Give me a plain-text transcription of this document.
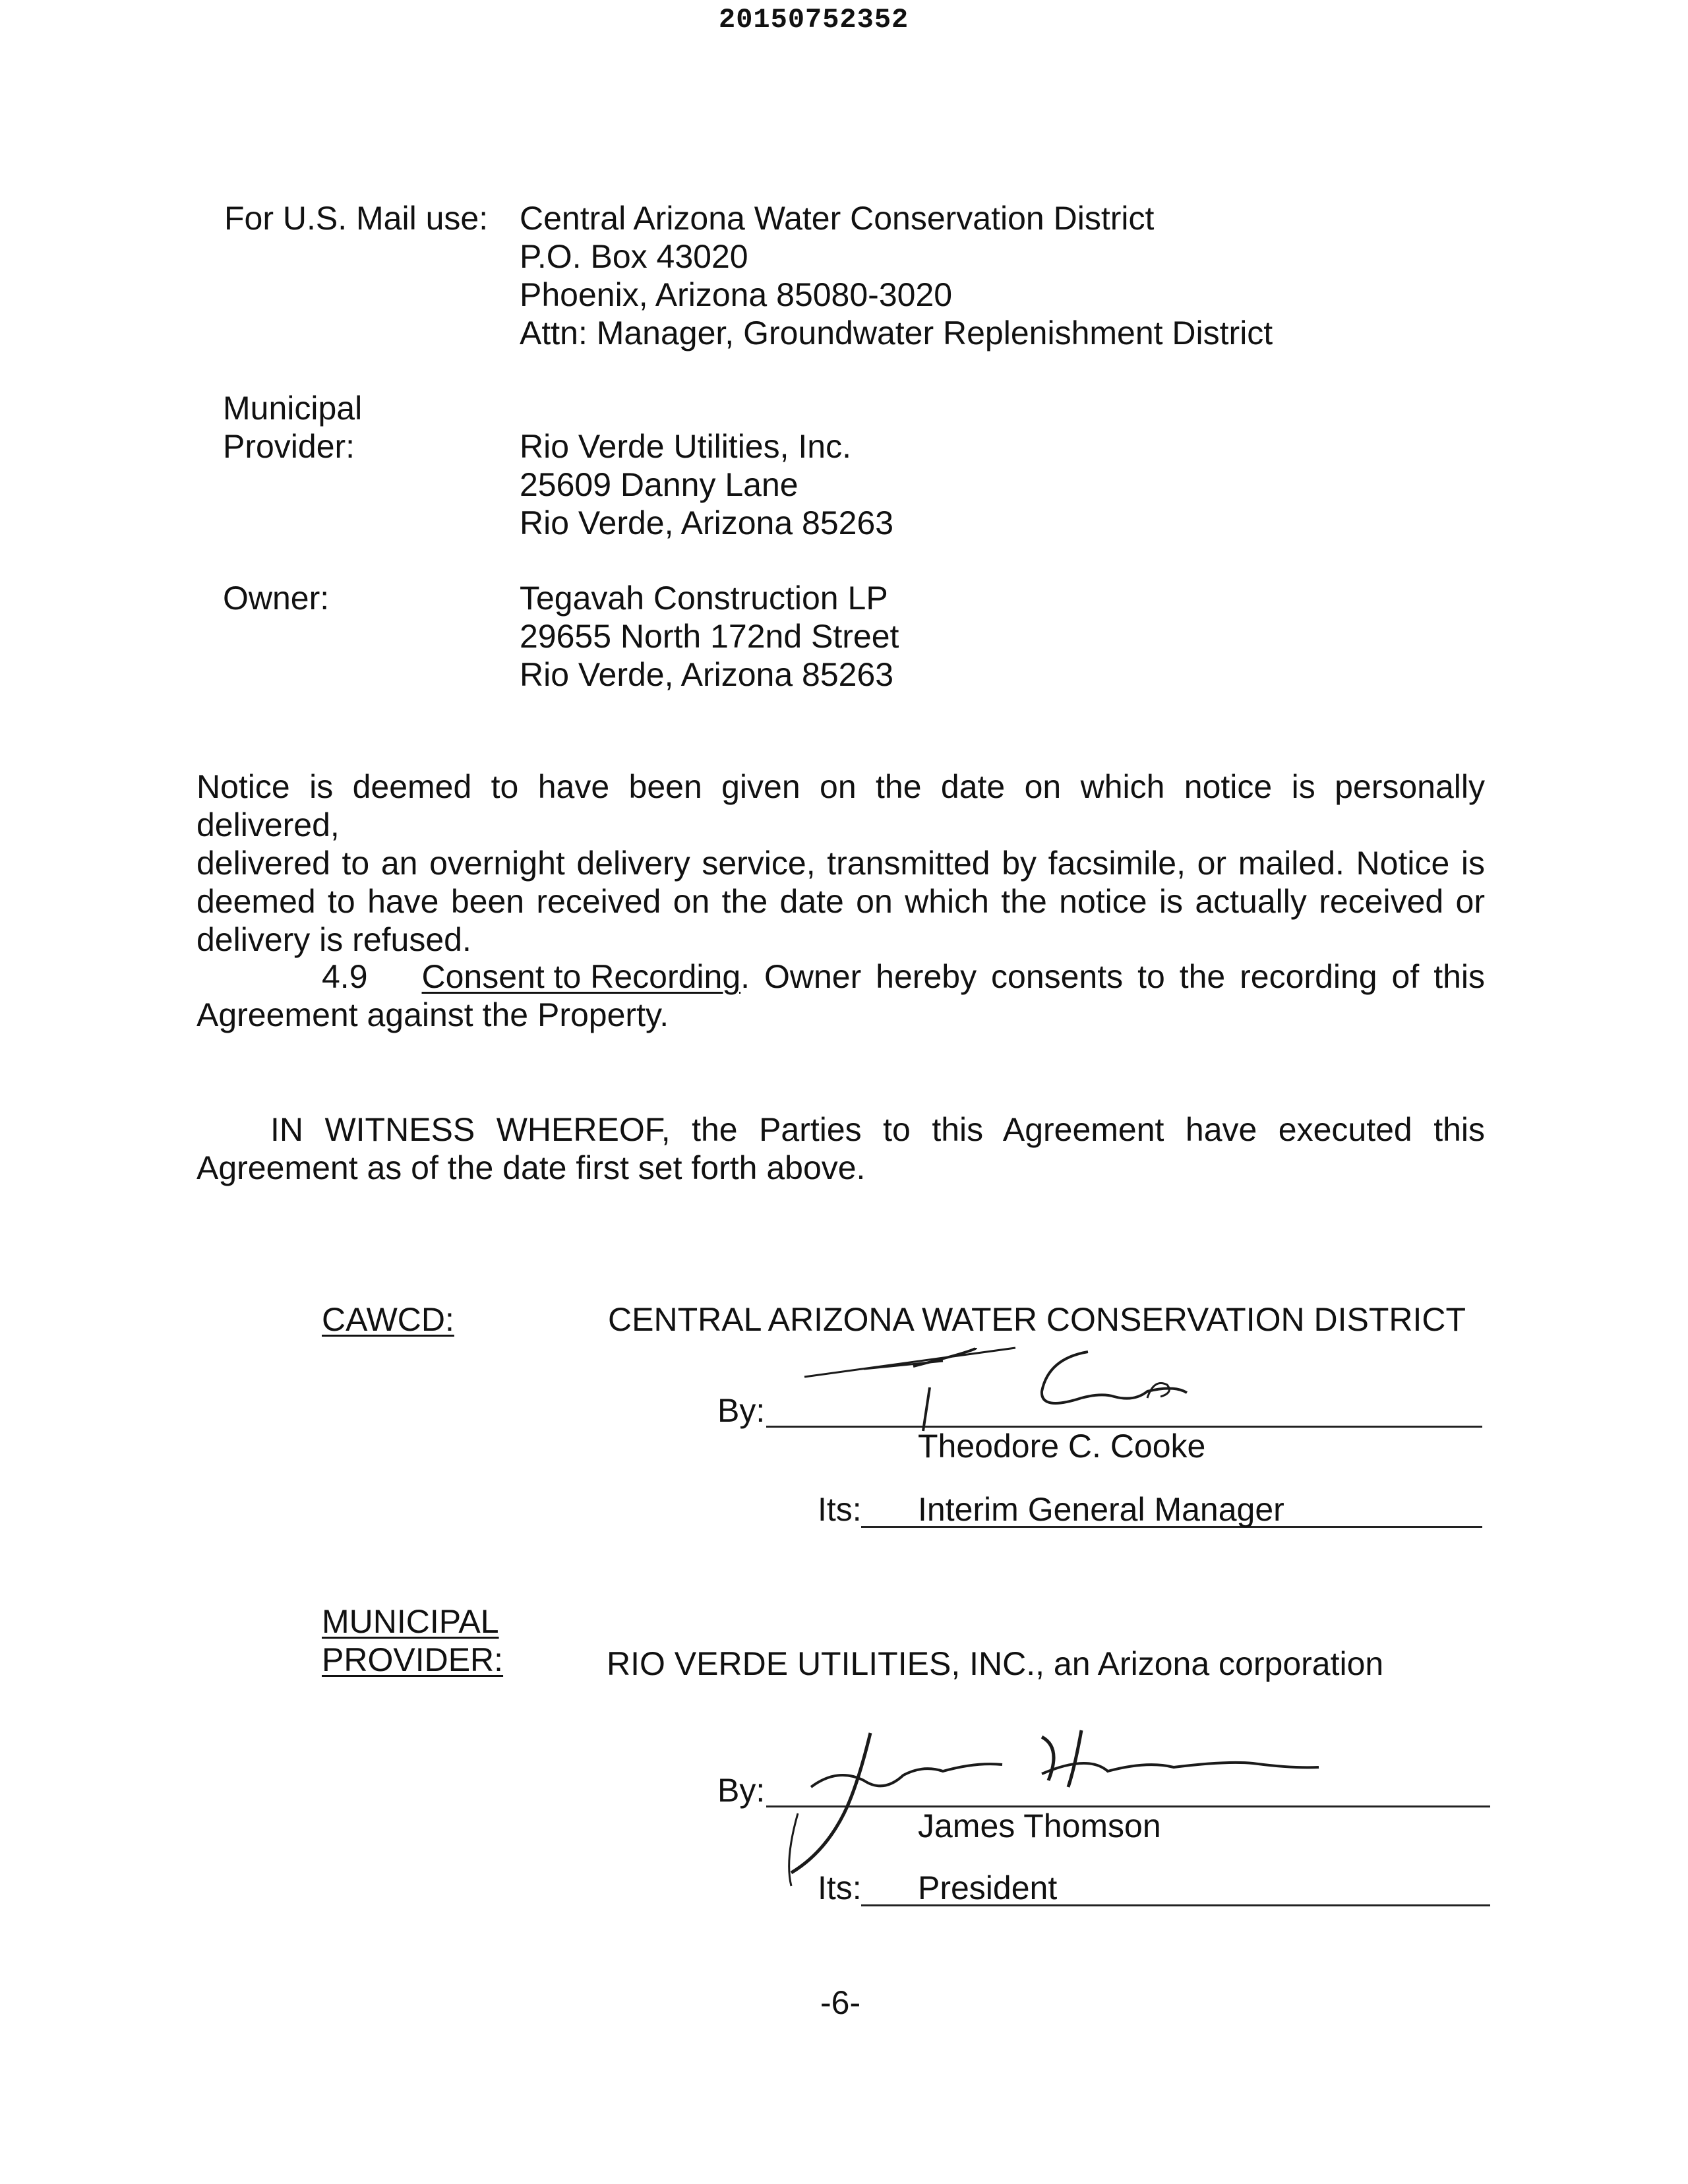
20150752352
For U.S. Mail use: Central Arizona Water Conservation District
P.O. Box 43020
Phoenix, Arizona 85080-3020
Attn: Manager, Groundwater Replenishment District
Municipal
Provider:	Rio Verde Utilities, Inc.
25609 Danny Lane
Rio Verde, Arizona 85263
Owner:	Tegavah Construction LP
29655 North 172nd Street
Rio Verde, Arizona 85263
Notice is deemed to have been given on the date on which notice is personally delivered,
delivered to an overnight delivery service, transmitted by facsimile, or mailed. Notice is
deemed to have been received on the date on which the notice is actually received or
delivery is refused.
4.9 Consent to Recording . Owner hereby consents to the recording of this
Agreement against the Property.
IN WITNESS WHEREOF, the Parties to this Agreement have executed this
Agreement as of the date first set forth above.
CAWCD:	CENTRAL ARIZONA WATER CONSERVATION DISTRICT
By:
Theodore C. Cooke
Its: Interim General Manager
MUNICIPAL
PROVIDER:	RIO VERDE UTILITIES, INC., an Arizona corporation
By:
James Thomson
Its: President
-6-
